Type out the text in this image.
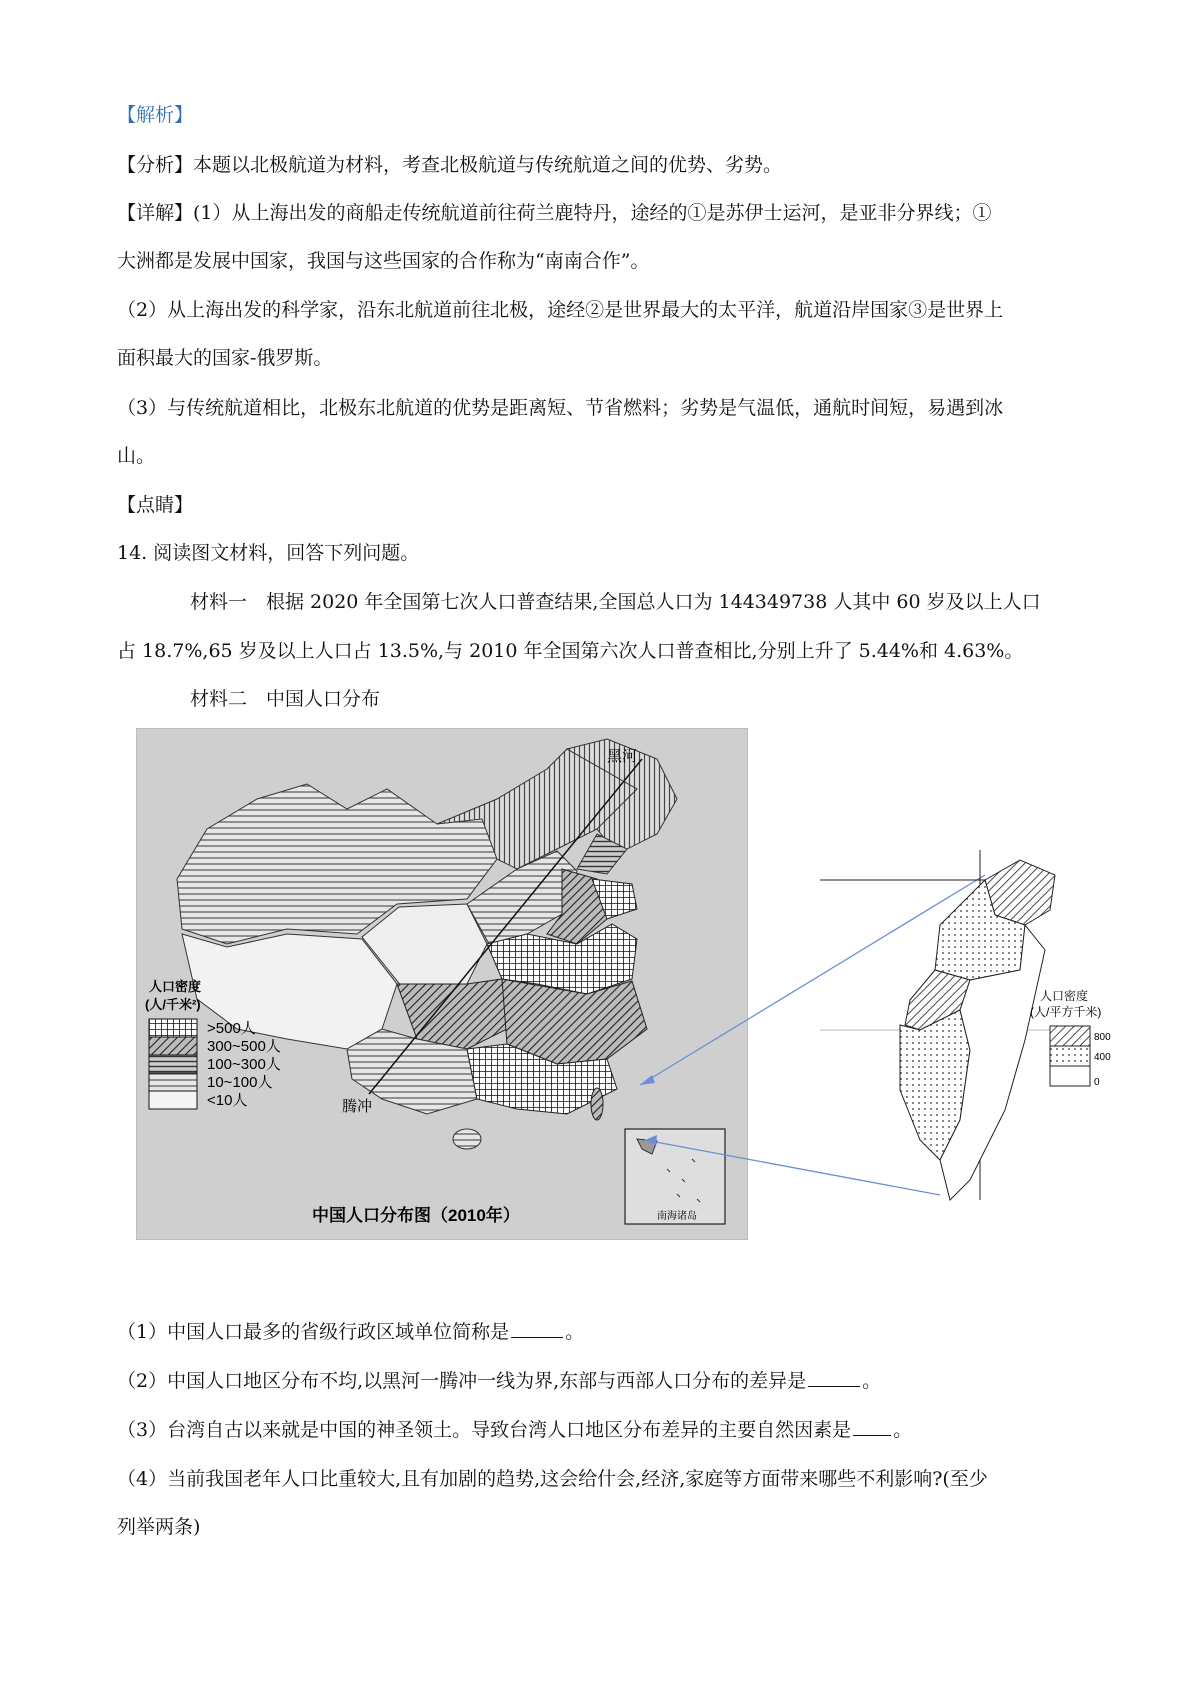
【解析】
【分析】本题以北极航道为材料，考查北极航道与传统航道之间的优势、劣势。
【详解】(1）从上海出发的商船走传统航道前往荷兰鹿特丹，途经的①是苏伊士运河，是亚非分界线；①
大洲都是发展中国家，我国与这些国家的合作称为“南南合作”。
（2）从上海出发的科学家，沿东北航道前往北极，途经②是世界最大的太平洋，航道沿岸国家③是世界上
面积最大的国家-俄罗斯。
（3）与传统航道相比，北极东北航道的优势是距离短、节省燃料；劣势是气温低，通航时间短，易遇到冰
山。
【点睛】
14. 阅读图文材料，回答下列问题。
材料一　根据 2020 年全国第七次人口普查结果,全国总人口为 144349738 人其中 60 岁及以上人口
占 18.7%,65 岁及以上人口占 13.5%,与 2010 年全国第六次人口普查相比,分别上升了 5.44%和 4.63%。
材料二　中国人口分布
黑河
腾冲
人口密度
(人/千米²)
>500人
300~500人
100~300人
10~100人
<10人
南海诸岛
中国人口分布图（2010年）
人口密度
(人/平方千米)
800
400
0
（1）中国人口最多的省级行政区域单位简称是	。
（2）中国人口地区分布不均,以黑河一腾冲一线为界,东部与西部人口分布的差异是	。
（3）台湾自古以来就是中国的神圣领土。导致台湾人口地区分布差异的主要自然因素是 。
（4）当前我国老年人口比重较大,且有加剧的趋势,这会给什会,经济,家庭等方面带来哪些不利影响?(至少
列举两条)
